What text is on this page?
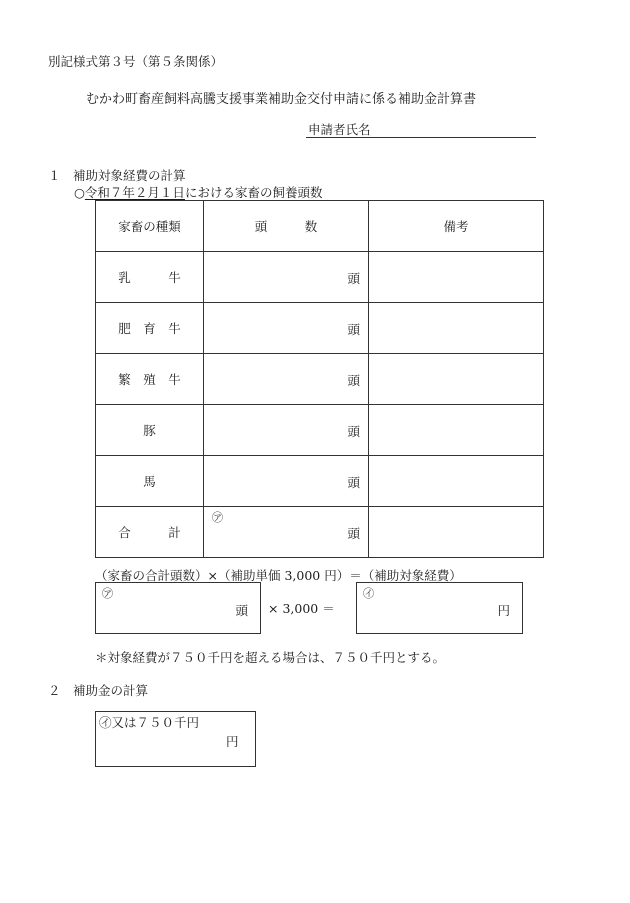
別記様式第３号（第５条関係）
むかわ町畜産飼料高騰支援事業補助金交付申請に係る補助金計算書
申請者氏名
１　補助対象経費の計算
○令和７年２月１日における家畜の飼養頭数
家畜の種類	頭　　　数	備考
乳　　　牛	頭	

肥　育　牛	頭	

繁　殖　牛	頭	

豚	頭	

馬	頭	

合　　　計	㋐
頭	

（家畜の合計頭数）×（補助単価 3,000 円）＝（補助対象経費）
㋐
頭 × 3,000 ＝
㋑
円
＊対象経費が７５０千円を超える場合は、７５０千円とする。
２　補助金の計算
㋑又は７５０千円
円
